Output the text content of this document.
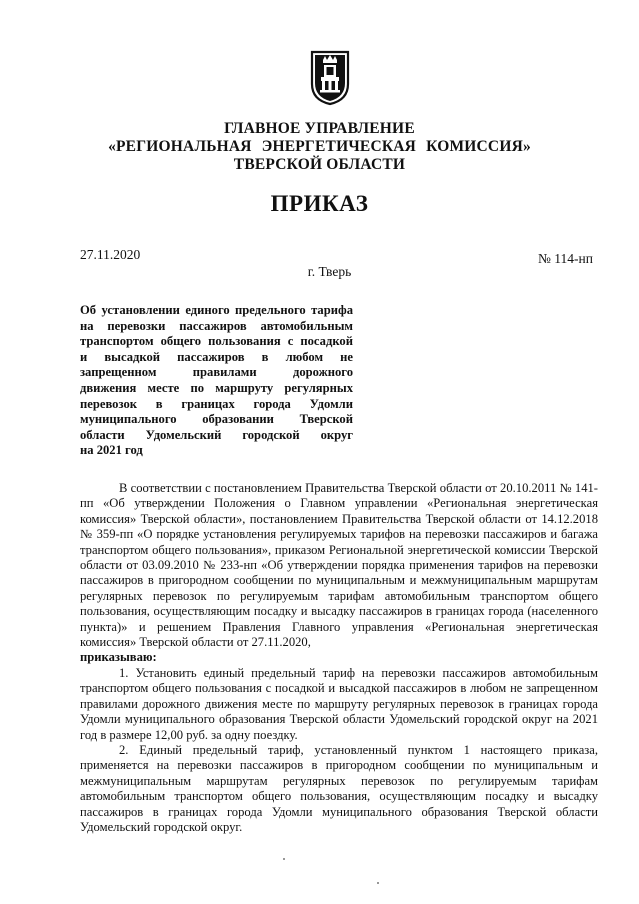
ГЛАВНОЕ УПРАВЛЕНИЕ
«РЕГИОНАЛЬНАЯ ЭНЕРГЕТИЧЕСКАЯ КОМИССИЯ»
ТВЕРСКОЙ ОБЛАСТИ
ПРИКАЗ
27.11.2020	№ 114-нп
г. Тверь
Об установлении единого предельного тарифа
на перевозки пассажиров автомобильным
транспортом общего пользования с посадкой
и высадкой пассажиров в любом не
запрещенном правилами дорожного
движения месте по маршруту регулярных
перевозок в границах города Удомли
муниципального образовании Тверской
области Удомельский городской округ
на 2021 год

В соответствии с постановлением Правительства Тверской области от 20.10.2011 № 141-пп «Об утверждении Положения о Главном управлении «Региональная энергетическая комиссия» Тверской области», постановлением Правительства Тверской области от 14.12.2018 № 359-пп «О порядке установления регулируемых тарифов на перевозки пассажиров и багажа транспортом общего пользования», приказом Региональной энергетической комиссии Тверской области от 03.09.2010 № 233-нп «Об утверждении порядка применения тарифов на перевозки пассажиров в пригородном сообщении по муниципальным и межмуниципальным маршрутам регулярных перевозок по регулируемым тарифам автомобильным транспортом общего пользования, осуществляющим посадку и высадку пассажиров в границах города (населенного пункта)» и решением Правления Главного управления «Региональная энергетическая комиссия» Тверской области от 27.11.2020,

приказываю:

1. Установить единый предельный тариф на перевозки пассажиров автомобильным транспортом общего пользования с посадкой и высадкой пассажиров в любом не запрещенном правилами дорожного движения месте по маршруту регулярных перевозок в границах города Удомли муниципального образования Тверской области Удомельский городской округ на 2021 год в размере 12,00 руб. за одну поездку.

2. Единый предельный тариф, установленный пунктом 1 настоящего приказа, применяется на перевозки пассажиров в пригородном сообщении по муниципальным и межмуниципальным маршрутам регулярных перевозок по регулируемым тарифам автомобильным транспортом общего пользования, осуществляющим посадку и высадку пассажиров в границах города Удомли муниципального образования Тверской области Удомельский городской округ.
